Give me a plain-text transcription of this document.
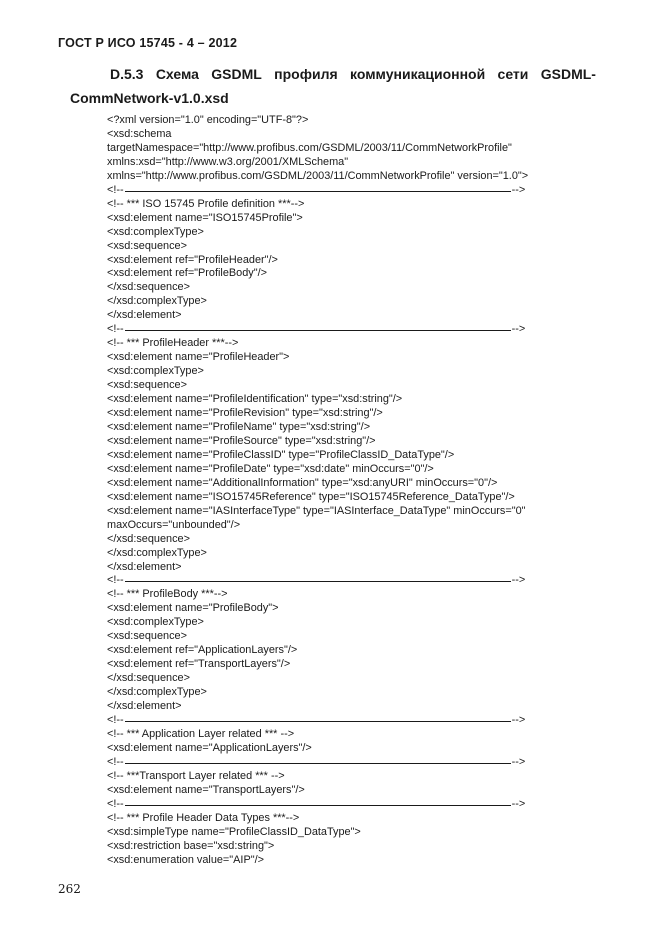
ГОСТ Р ИСО 15745 - 4 – 2012
D.5.3 Схема GSDML профиля коммуникационной сети GSDML-
CommNetwork-v1.0.xsd
<?xml version="1.0" encoding="UTF-8"?>
<xsd:schema
targetNamespace="http://www.profibus.com/GSDML/2003/11/CommNetworkProfile"
xmlns:xsd="http://www.w3.org/2001/XMLSchema"
xmlns="http://www.profibus.com/GSDML/2003/11/CommNetworkProfile" version="1.0">
<!--	-->
<!-- *** ISO 15745 Profile definition ***-->
<xsd:element name="ISO15745Profile">
<xsd:complexType>
<xsd:sequence>
<xsd:element ref="ProfileHeader"/>
<xsd:element ref="ProfileBody"/>
</xsd:sequence>
</xsd:complexType>
</xsd:element>
<!--	-->
<!-- *** ProfileHeader ***-->
<xsd:element name="ProfileHeader">
<xsd:complexType>
<xsd:sequence>
<xsd:element name="ProfileIdentification" type="xsd:string"/>
<xsd:element name="ProfileRevision" type="xsd:string"/>
<xsd:element name="ProfileName" type="xsd:string"/>
<xsd:element name="ProfileSource" type="xsd:string"/>
<xsd:element name="ProfileClassID" type="ProfileClassID_DataType"/>
<xsd:element name="ProfileDate" type="xsd:date" minOccurs="0"/>
<xsd:element name="AdditionalInformation" type="xsd:anyURI" minOccurs="0"/>
<xsd:element name="ISO15745Reference" type="ISO15745Reference_DataType"/>
<xsd:element name="IASInterfaceType" type="IASInterface_DataType" minOccurs="0"
maxOccurs="unbounded"/>
</xsd:sequence>
</xsd:complexType>
</xsd:element>
<!--	-->
<!-- *** ProfileBody ***-->
<xsd:element name="ProfileBody">
<xsd:complexType>
<xsd:sequence>
<xsd:element ref="ApplicationLayers"/>
<xsd:element ref="TransportLayers"/>
</xsd:sequence>
</xsd:complexType>
</xsd:element>
<!--	-->
<!-- *** Application Layer related *** -->
<xsd:element name="ApplicationLayers"/>
<!--	-->
<!-- ***Transport Layer related *** -->
<xsd:element name="TransportLayers"/>
<!--	-->
<!-- *** Profile Header Data Types ***-->
<xsd:simpleType name="ProfileClassID_DataType">
<xsd:restriction base="xsd:string">
<xsd:enumeration value="AIP"/>
262
